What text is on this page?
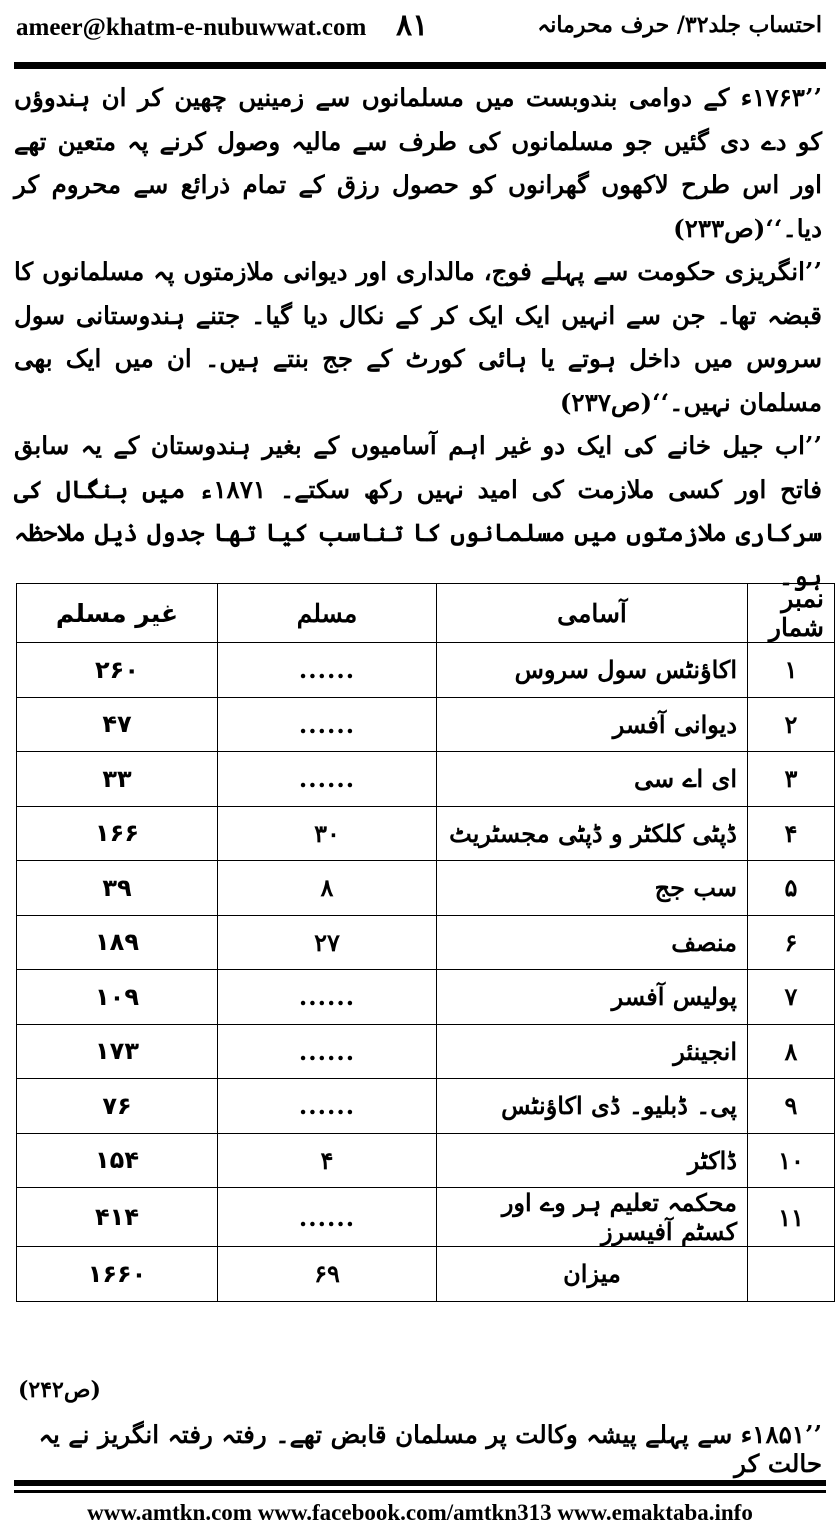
ameer@khatm-e-nubuwwat.com ۸۱	احتساب جلد۳۲/ حرف محرمانہ

’’۱۷۶۳ء کے دوامی بندوبست میں مسلمانوں سے زمینیں چھین کر ان ہندوؤں کو دے دی گئیں جو مسلمانوں کی طرف سے مالیہ وصول کرنے پہ متعین تھے اور اس طرح لاکھوں گھرانوں کو حصول رزق کے تمام ذرائع سے محروم کر دیا۔‘‘(ص۲۳۳)

’’انگریزی حکومت سے پہلے فوج، مالداری اور دیوانی ملازمتوں پہ مسلمانوں کا قبضہ تھا۔ جن سے انہیں ایک ایک کر کے نکال دیا گیا۔ جتنے ہندوستانی سول سروس میں داخل ہوتے یا ہائی کورٹ کے جج بنتے ہیں۔ ان میں ایک بھی مسلمان نہیں۔‘‘(ص۲۳۷)

’’اب جیل خانے کی ایک دو غیر اہم آسامیوں کے بغیر ہندوستان کے یہ سابق فاتح اور کسی ملازمت کی امید نہیں رکھ سکتے۔ ۱۸۷۱ء میں بنگال کی سرکاری ملازمتوں میں مسلمانوں کا تناسب کیا تھا جدول ذیل ملاحظہ ہو۔

نمبر شمار	آسامی	مسلم	غیر مسلم
۱	اکاؤنٹس سول سروس	......	۲۶۰
۲	دیوانی آفسر	......	۴۷
۳	ای اے سی	......	۳۳
۴	ڈپٹی کلکٹر و ڈپٹی مجسٹریٹ	۳۰	۱۶۶
۵	سب جج	۸	۳۹
۶	منصف	۲۷	۱۸۹
۷	پولیس آفسر	......	۱۰۹
۸	انجینئر	......	۱۷۳
۹	پی۔ ڈبلیو۔ ڈی اکاؤنٹس	......	۷۶
۱۰	ڈاکٹر	۴	۱۵۴
۱۱	محکمہ تعلیم ہر وے اور کسٹم آفیسرز	......	۴۱۴
	میزان	۶۹	۱۶۶۰
(ص۲۴۲)
’’۱۸۵۱ء سے پہلے پیشہ وکالت پر مسلمان قابض تھے۔ رفتہ رفتہ انگریز نے یہ حالت کر
www.amtkn.com www.facebook.com/amtkn313 www.emaktaba.info
